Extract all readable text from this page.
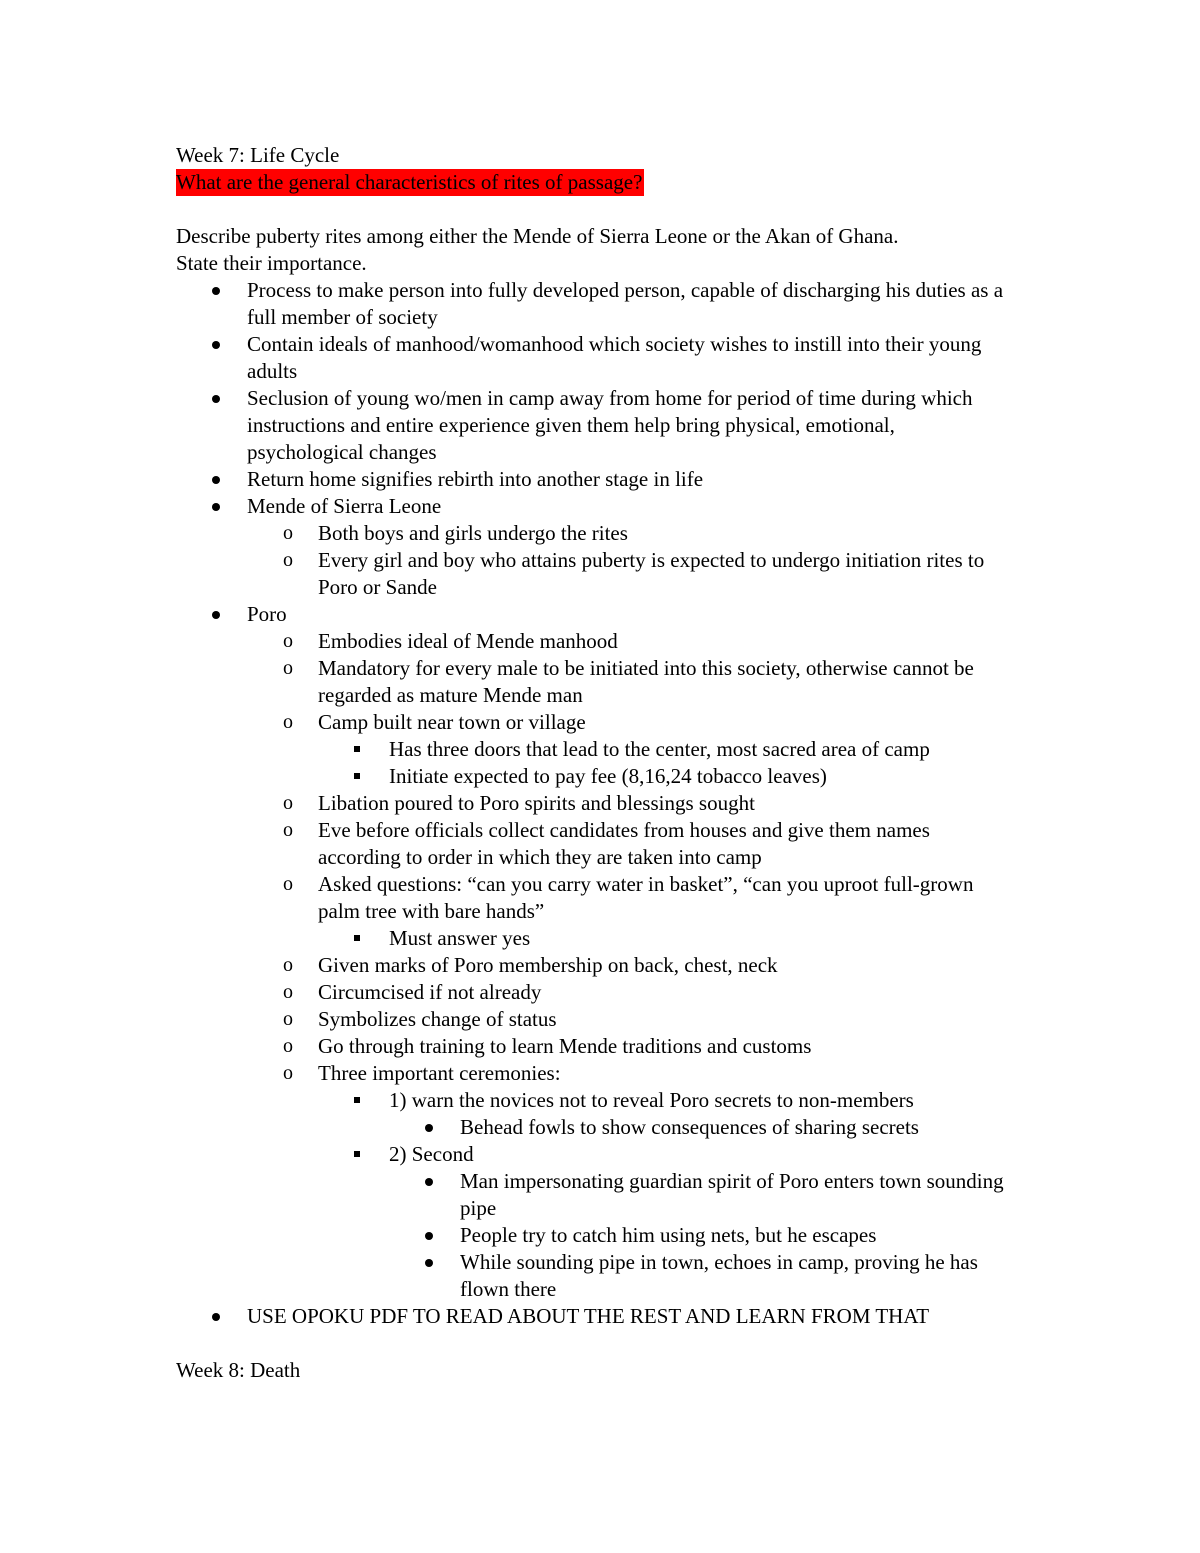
Week 7: Life Cycle

What are the general characteristics of rites of passage?

Describe puberty rites among either the Mende of Sierra Leone or the Akan of Ghana.

State their importance.

Process to make person into fully developed person, capable of discharging his duties as a full member of society
Contain ideals of manhood/womanhood which society wishes to instill into their young adults
Seclusion of young wo/men in camp away from home for period of time during which instructions and entire experience given them help bring physical, emotional, psychological changes
Return home signifies rebirth into another stage in life
Mende of Sierra Leone
o	Both boys and girls undergo the rites
o	Every girl and boy who attains puberty is expected to undergo initiation rites to Poro or Sande
Poro
o	Embodies ideal of Mende manhood
o	Mandatory for every male to be initiated into this society, otherwise cannot be regarded as mature Mende man
o	Camp built near town or village
Has three doors that lead to the center, most sacred area of camp
Initiate expected to pay fee (8,16,24 tobacco leaves)
o	Libation poured to Poro spirits and blessings sought
o	Eve before officials collect candidates from houses and give them names according to order in which they are taken into camp
o	Asked questions: “can you carry water in basket”, “can you uproot full-grown palm tree with bare hands”
Must answer yes
o	Given marks of Poro membership on back, chest, neck
o	Circumcised if not already
o	Symbolizes change of status
o	Go through training to learn Mende traditions and customs
o	Three important ceremonies:
1) warn the novices not to reveal Poro secrets to non-members
Behead fowls to show consequences of sharing secrets
2) Second
Man impersonating guardian spirit of Poro enters town sounding pipe
People try to catch him using nets, but he escapes
While sounding pipe in town, echoes in camp, proving he has flown there
USE OPOKU PDF TO READ ABOUT THE REST AND LEARN FROM THAT

Week 8: Death
